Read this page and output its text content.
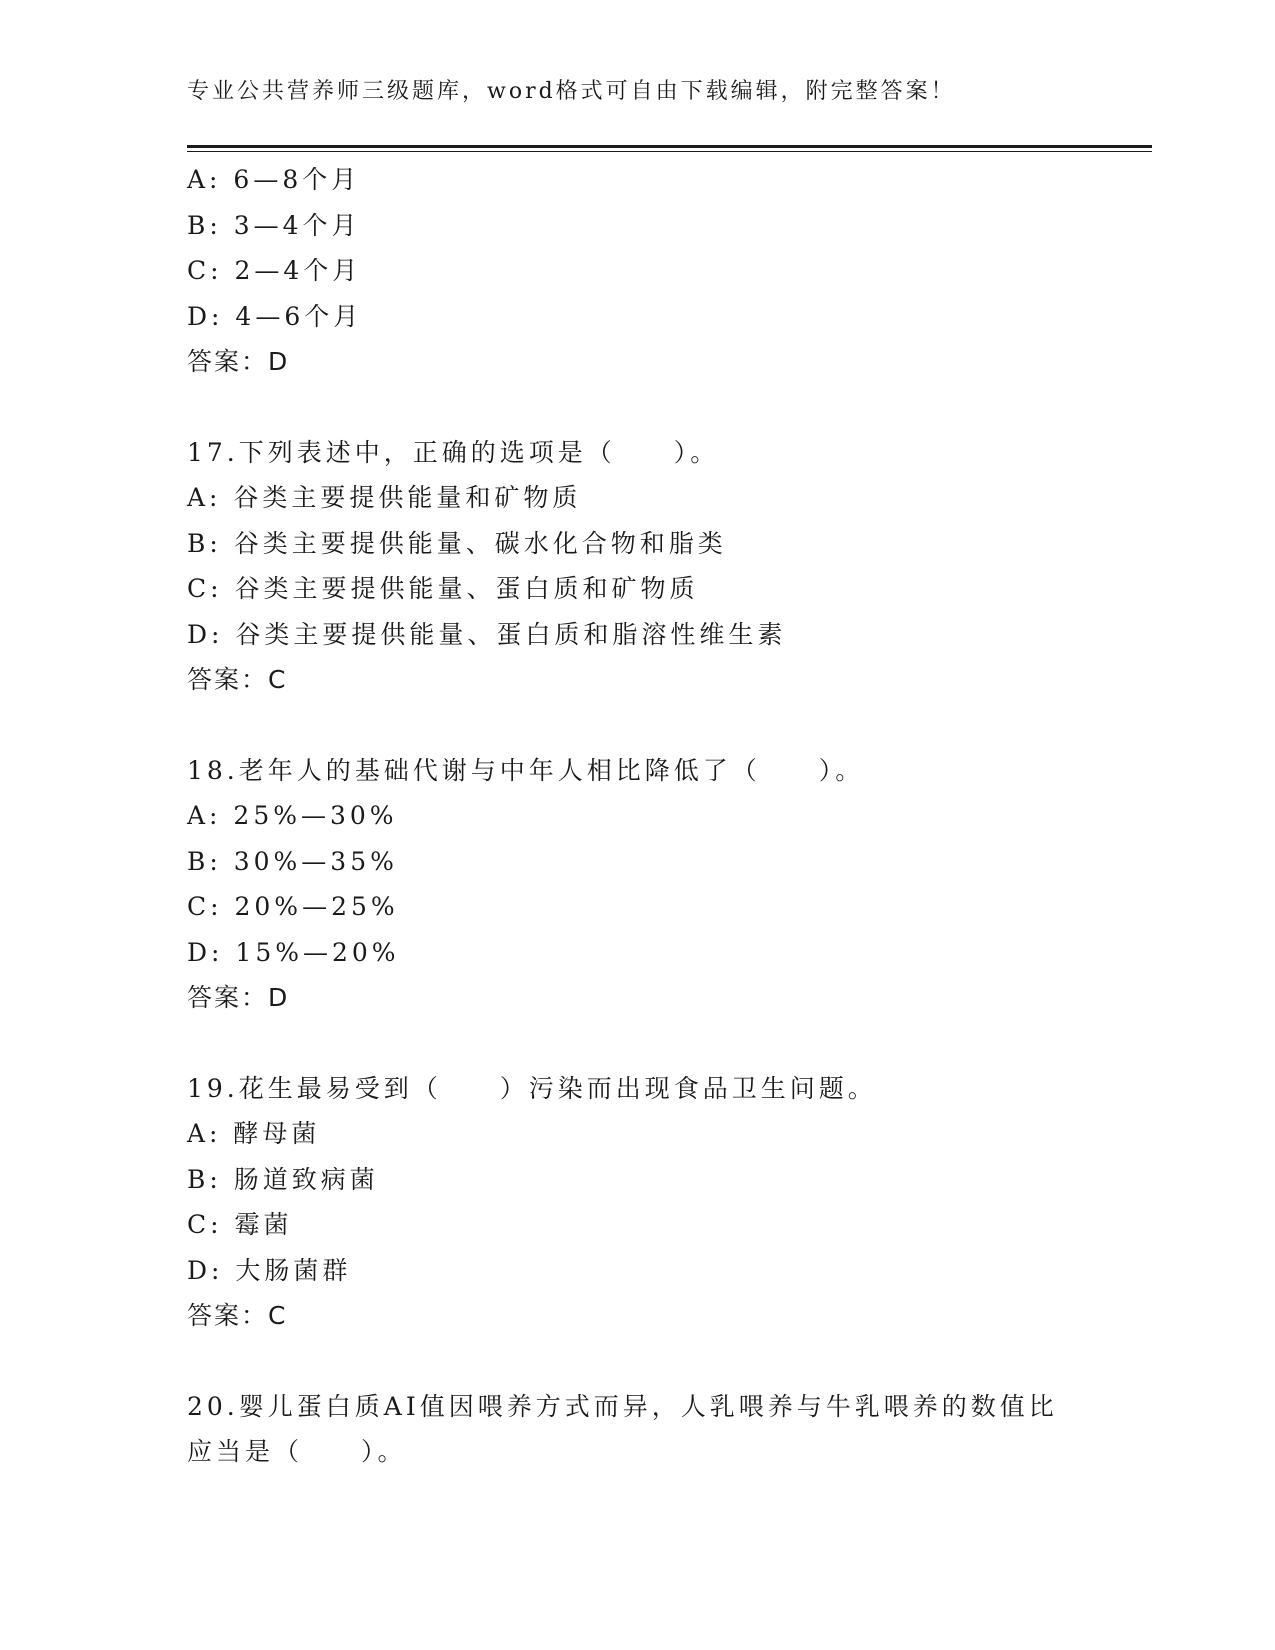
专业公共营养师三级题库，word格式可自由下载编辑，附完整答案！
A: 6—8个月
B: 3—4个月
C: 2—4个月
D: 4—6个月
答案：D
17.下列表述中，正确的选项是（　　）。
A: 谷类主要提供能量和矿物质
B: 谷类主要提供能量、碳水化合物和脂类
C: 谷类主要提供能量、蛋白质和矿物质
D: 谷类主要提供能量、蛋白质和脂溶性维生素
答案：C
18.老年人的基础代谢与中年人相比降低了（　　）。
A: 25%—30%
B: 30%—35%
C: 20%—25%
D: 15%—20%
答案：D
19.花生最易受到（　　）污染而出现食品卫生问题。
A: 酵母菌
B: 肠道致病菌
C: 霉菌
D: 大肠菌群
答案：C
20.婴儿蛋白质AI值因喂养方式而异，人乳喂养与牛乳喂养的数值比
应当是（　　）。
